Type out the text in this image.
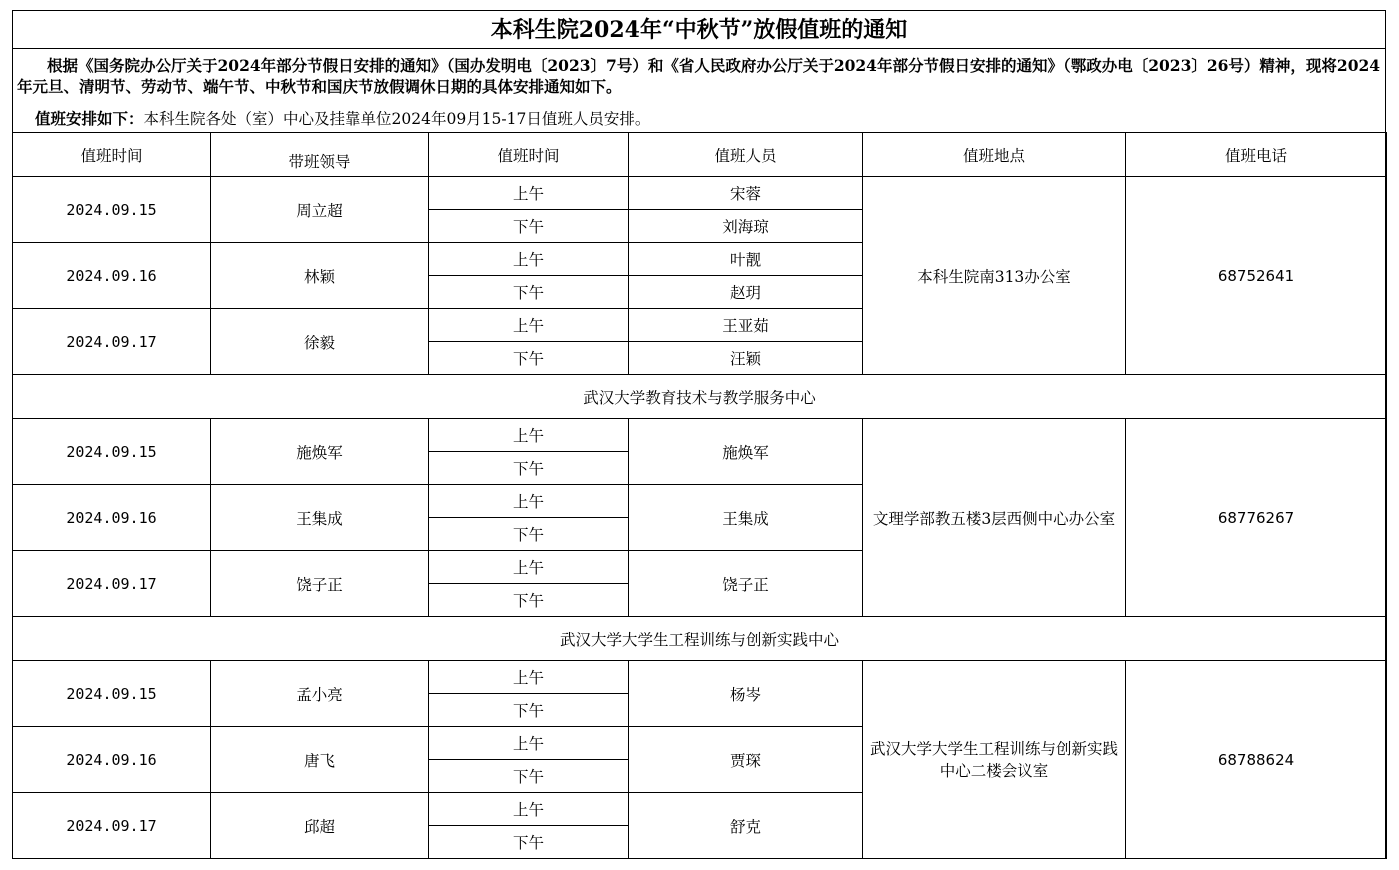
本科生院2024年“中秋节”放假值班的通知
根据《国务院办公厅关于2024年部分节假日安排的通知》（国办发明电〔2023〕7号）和《省人民政府办公厅关于2024年部分节假日安排的通知》（鄂政办电〔2023〕26号）精神，现将2024年元旦、清明节、劳动节、端午节、中秋节和国庆节放假调休日期的具体安排通知如下。
值班安排如下：本科生院各处（室）中心及挂靠单位2024年09月15-17日值班人员安排。
值班时间	带班领导	值班时间	值班人员	值班地点	值班电话
2024.09.15	周立超	上午	宋蓉	本科生院南313办公室	68752641
		下午	刘海琼		
2024.09.16	林颖	上午	叶靓		
		下午	赵玥		
2024.09.17	徐毅	上午	王亚茹		
		下午	汪颖		
武汉大学教育技术与教学服务中心					
2024.09.15	施焕军	上午	施焕军	文理学部教五楼3层西侧中心办公室	68776267
		下午			
2024.09.16	王集成	上午	王集成		
		下午			
2024.09.17	饶子正	上午	饶子正		
		下午			
武汉大学大学生工程训练与创新实践中心					
2024.09.15	孟小亮	上午	杨岑	武汉大学大学生工程训练与创新实践中心二楼会议室	68788624
		下午			
2024.09.16	唐飞	上午	贾琛		
		下午			
2024.09.17	邱超	上午	舒克		
		下午			
